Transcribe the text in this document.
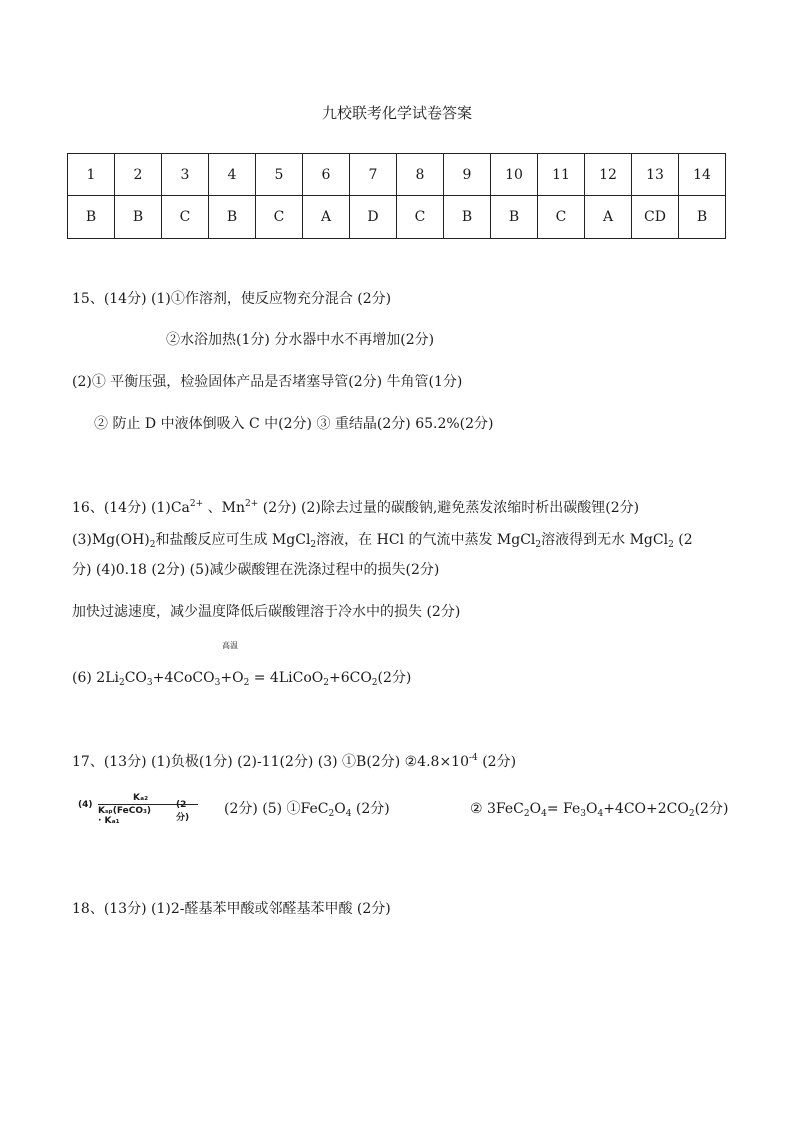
九校联考化学试卷答案
1	2	3	4	5	6	7	8	9	10	11	12	13	14
B	B	C	B	C	A	D	C	B	B	C	A	CD	B
15、(14分) (1)①作溶剂，使反应物充分混合 (2分)
②水浴加热(1分) 分水器中水不再增加(2分)
(2)① 平衡压强，检验固体产品是否堵塞导管(2分) 牛角管(1分)
② 防止 D 中液体倒吸入 C 中(2分) ③ 重结晶(2分) 65.2%(2分)
16、(14分) $(1)Ca^{2+}$ 、$Mn^{2+}$ (2分) (2)除去过量的碳酸钠,避免蒸发浓缩时析出碳酸锂(2分)
$(3)Mg(OH)_2$和盐酸反应可生成 MgCl$_2$溶液，在 HCl 的气流中蒸发 MgCl$_2$溶液得到无水 MgCl$_2$ (2
分) (4)0.18 (2分) (5)减少碳酸锂在洗涤过程中的损失(2分)
加快过滤速度，减少温度降低后碳酸锂溶于冷水中的损失 (2分)
高温
(6) $2Li_2CO_3+4CoCO_3+O_2$ = $4LiCoO_2+6CO_2(2$分)
17、(13分) (1)负极(1分) (2)-11(2分) (3) ①B(2分) $②4.8\times 10^{-4}$ (2分)
(4)
Kₐ₂
Kₛₚ(FeCO₃) · Kₐ₁
(2分)
(2分) (5) $①FeC_2O_4$ (2分)	② $3FeC_2O_4= Fe_3O_4+4CO+2CO_2(2$分)
18、(13分) (1)2-醛基苯甲酸或邻醛基苯甲酸 (2分)
